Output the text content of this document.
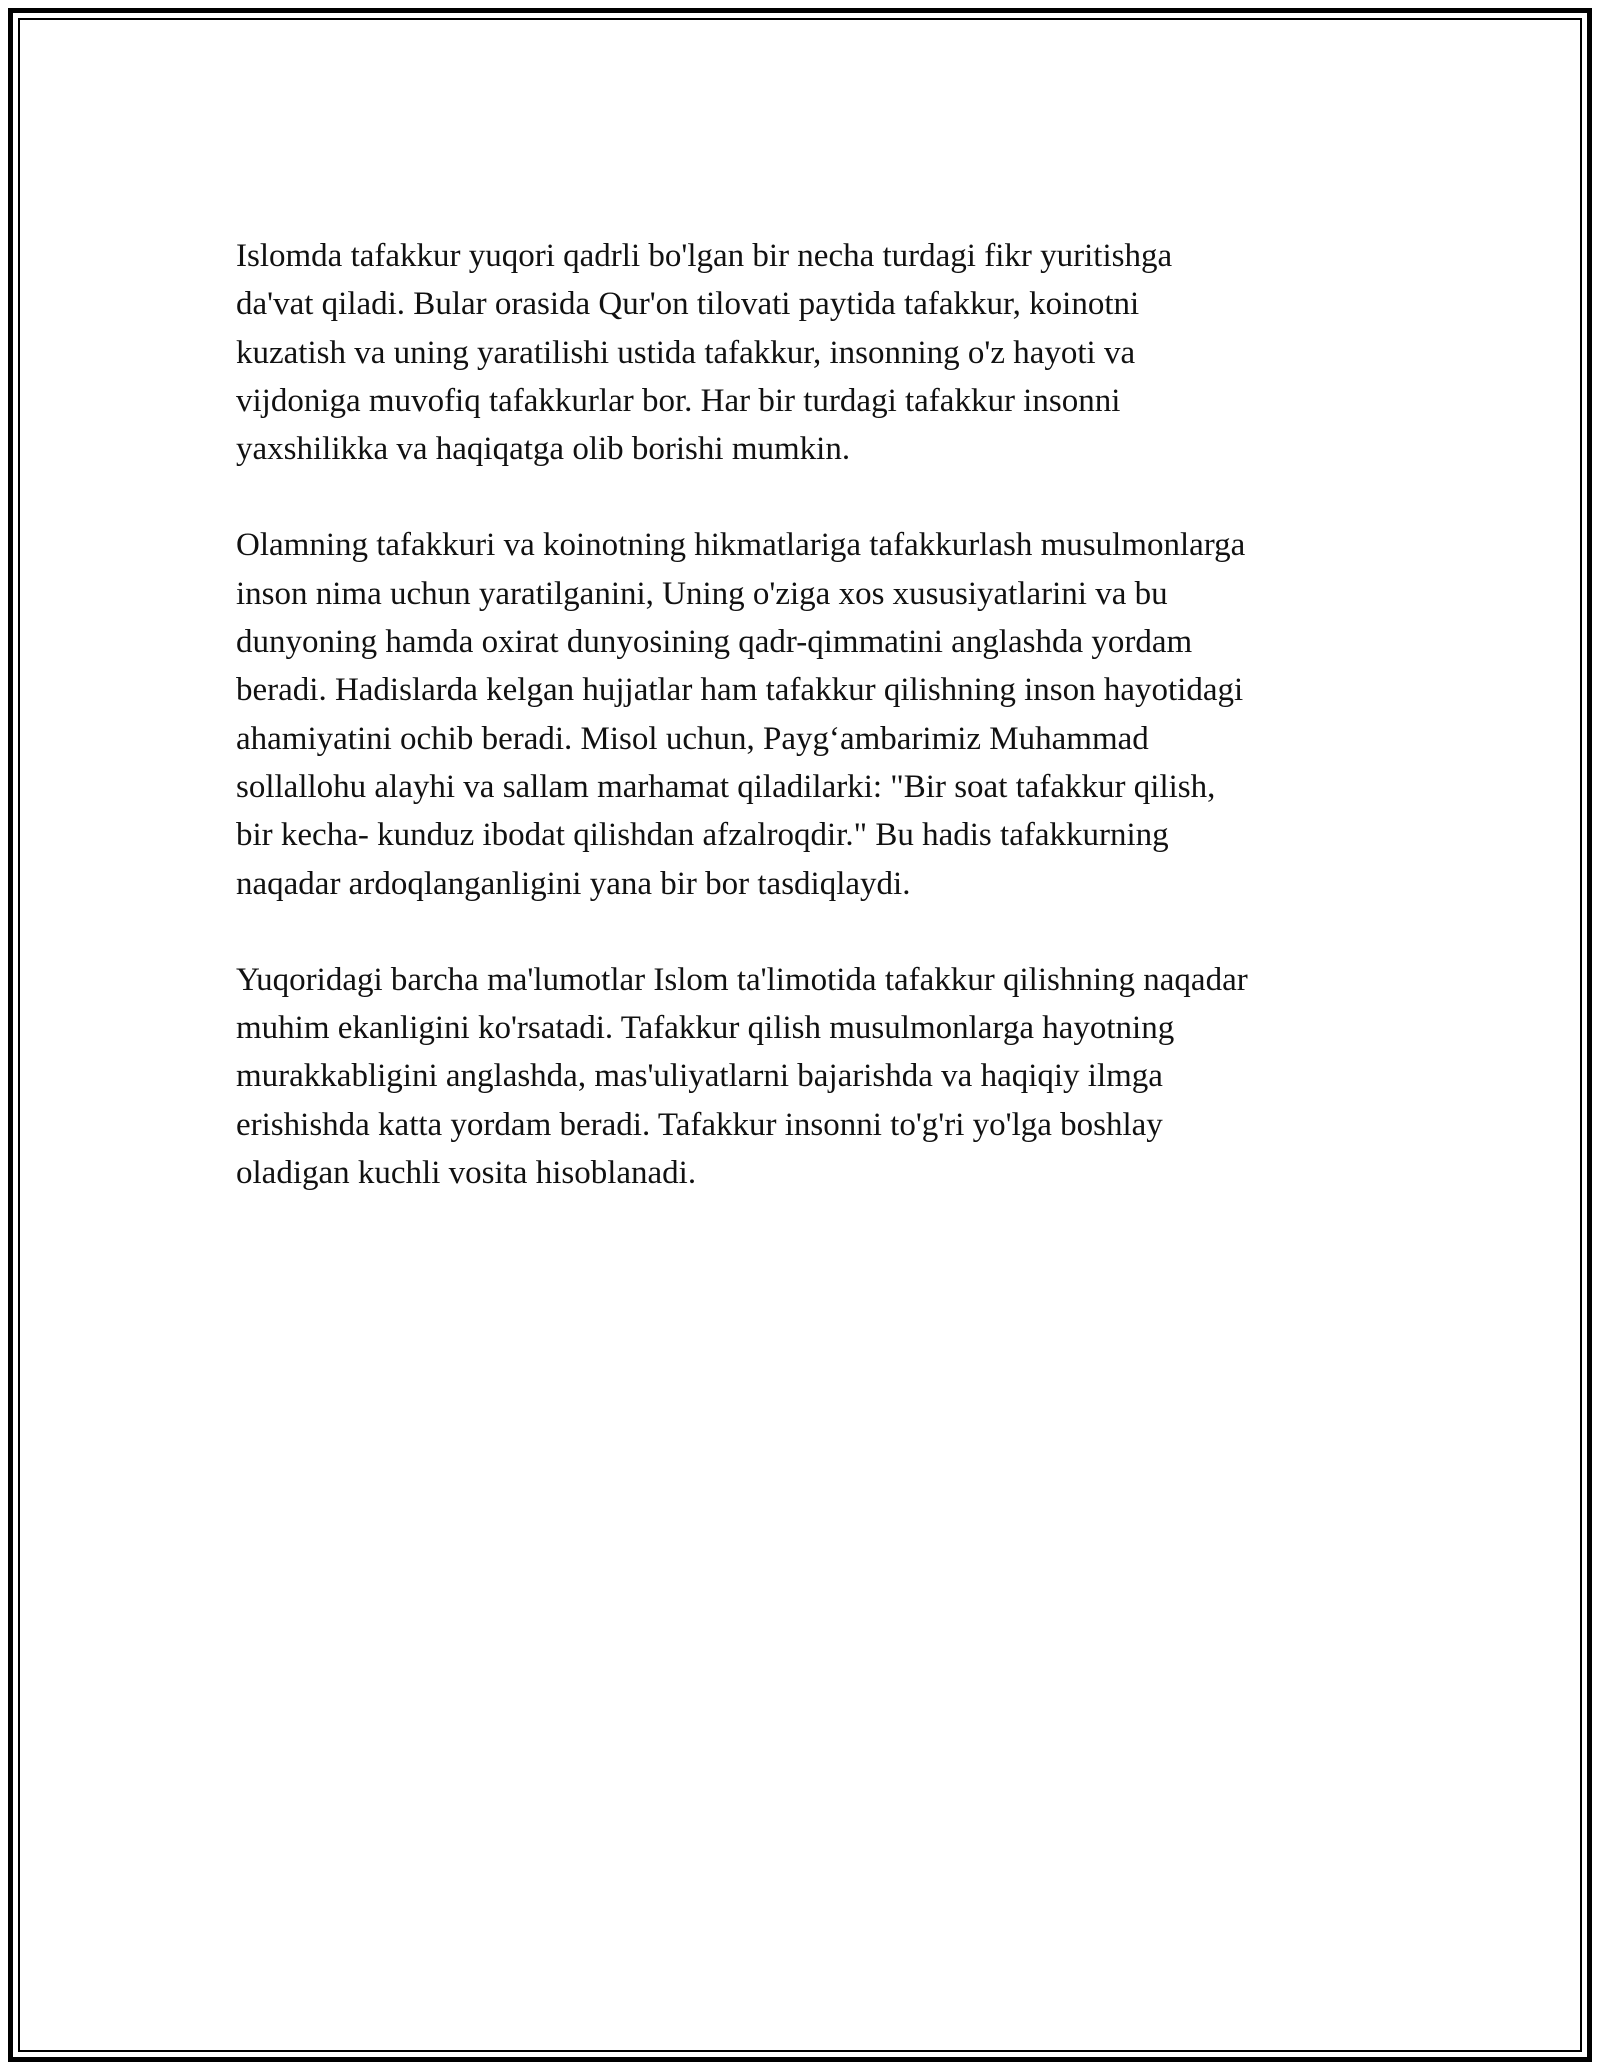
Islomda tafakkur yuqori qadrli bo'lgan bir necha turdagi fikr yuritishga
da'vat qiladi. Bular orasida Qur'on tilovati paytida tafakkur, koinotni
kuzatish va uning yaratilishi ustida tafakkur, insonning o'z hayoti va
vijdoniga muvofiq tafakkurlar bor. Har bir turdagi tafakkur insonni
yaxshilikka va haqiqatga olib borishi mumkin.

Olamning tafakkuri va koinotning hikmatlariga tafakkurlash musulmonlarga
inson nima uchun yaratilganini, Uning o'ziga xos xususiyatlarini va bu
dunyoning hamda oxirat dunyosining qadr-qimmatini anglashda yordam
beradi. Hadislarda kelgan hujjatlar ham tafakkur qilishning inson hayotidagi
ahamiyatini ochib beradi. Misol uchun, Payg‘ambarimiz Muhammad
sollallohu alayhi va sallam marhamat qiladilarki: "Bir soat tafakkur qilish,
bir kecha- kunduz ibodat qilishdan afzalroqdir." Bu hadis tafakkurning
naqadar ardoqlanganligini yana bir bor tasdiqlaydi.

Yuqoridagi barcha ma'lumotlar Islom ta'limotida tafakkur qilishning naqadar
muhim ekanligini ko'rsatadi. Tafakkur qilish musulmonlarga hayotning
murakkabligini anglashda, mas'uliyatlarni bajarishda va haqiqiy ilmga
erishishda katta yordam beradi. Tafakkur insonni to'g'ri yo'lga boshlay
oladigan kuchli vosita hisoblanadi.
